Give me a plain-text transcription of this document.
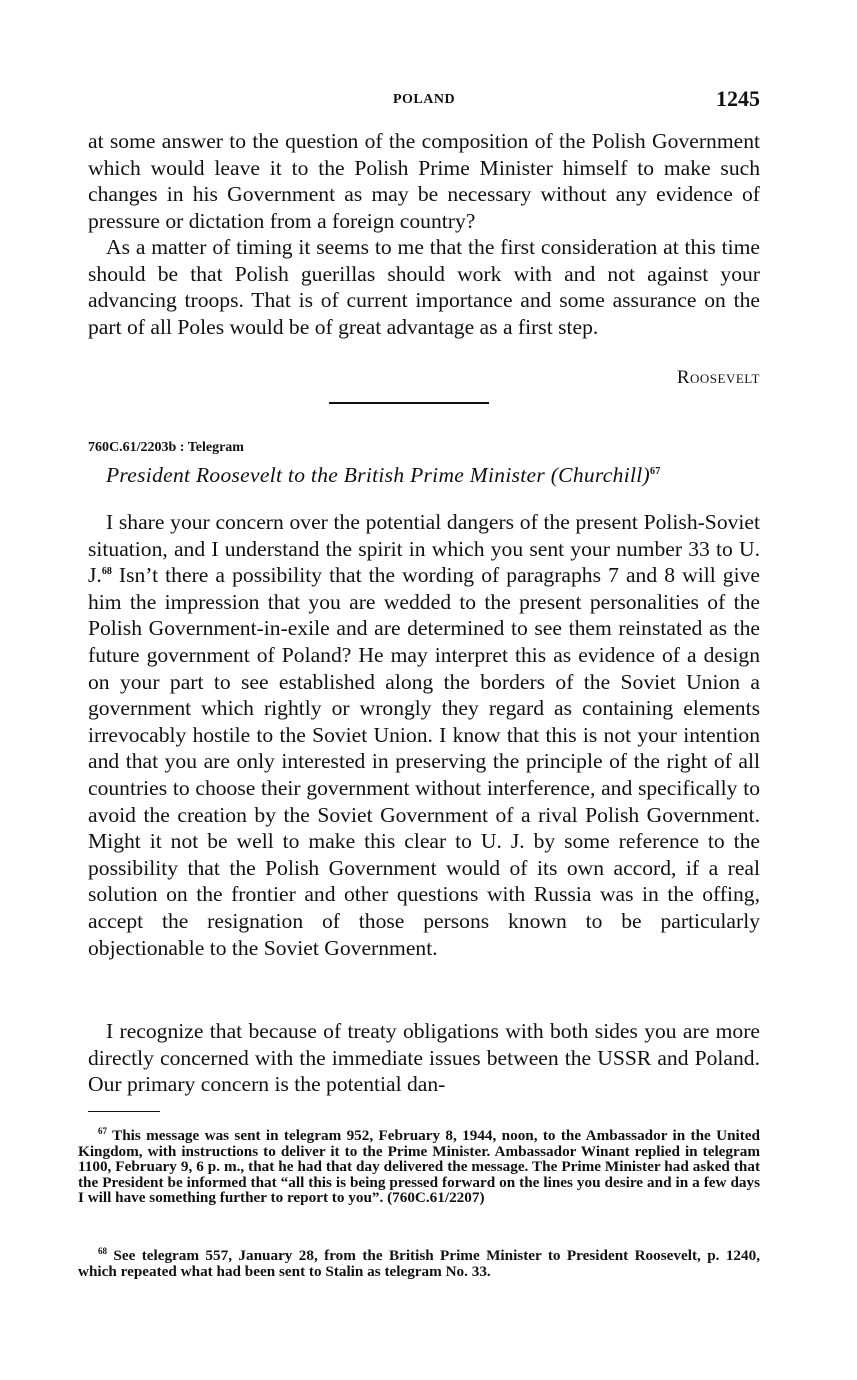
POLAND	1245

at some answer to the question of the composition of the Polish Government which would leave it to the Polish Prime Minister himself to make such changes in his Government as may be necessary without any evidence of pressure or dictation from a foreign country?

As a matter of timing it seems to me that the first consideration at this time should be that Polish guerillas should work with and not against your advancing troops. That is of current importance and some assurance on the part of all Poles would be of great advantage as a first step.

Roosevelt
760C.61/2203b : Telegram
President Roosevelt to the British Prime Minister (Churchill)$^{67}$

I share your concern over the potential dangers of the present Polish-Soviet situation, and I understand the spirit in which you sent your number 33 to U. J.$^{68}$ Isn’t there a possibility that the wording of paragraphs 7 and 8 will give him the impression that you are wedded to the present personalities of the Polish Government-in-exile and are determined to see them reinstated as the future government of Poland? He may interpret this as evidence of a design on your part to see established along the borders of the Soviet Union a government which rightly or wrongly they regard as containing elements irrevocably hostile to the Soviet Union. I know that this is not your intention and that you are only interested in preserving the principle of the right of all countries to choose their government without interference, and specifically to avoid the creation by the Soviet Government of a rival Polish Government. Might it not be well to make this clear to U. J. by some reference to the possibility that the Polish Government would of its own accord, if a real solution on the frontier and other questions with Russia was in the offing, accept the resignation of those persons known to be particularly objectionable to the Soviet Government.

I recognize that because of treaty obligations with both sides you are more directly concerned with the immediate issues between the USSR and Poland. Our primary concern is the potential dan-

$^{67}$ This message was sent in telegram 952, February 8, 1944, noon, to the Ambassador in the United Kingdom, with instructions to deliver it to the Prime Minister. Ambassador Winant replied in telegram 1100, February 9, 6 p. m., that he had that day delivered the message. The Prime Minister had asked that the President be informed that “all this is being pressed forward on the lines you desire and in a few days I will have something further to report to you”. (760C.61/2207)

$^{68}$ See telegram 557, January 28, from the British Prime Minister to President Roosevelt, p. 1240, which repeated what had been sent to Stalin as telegram No. 33.
